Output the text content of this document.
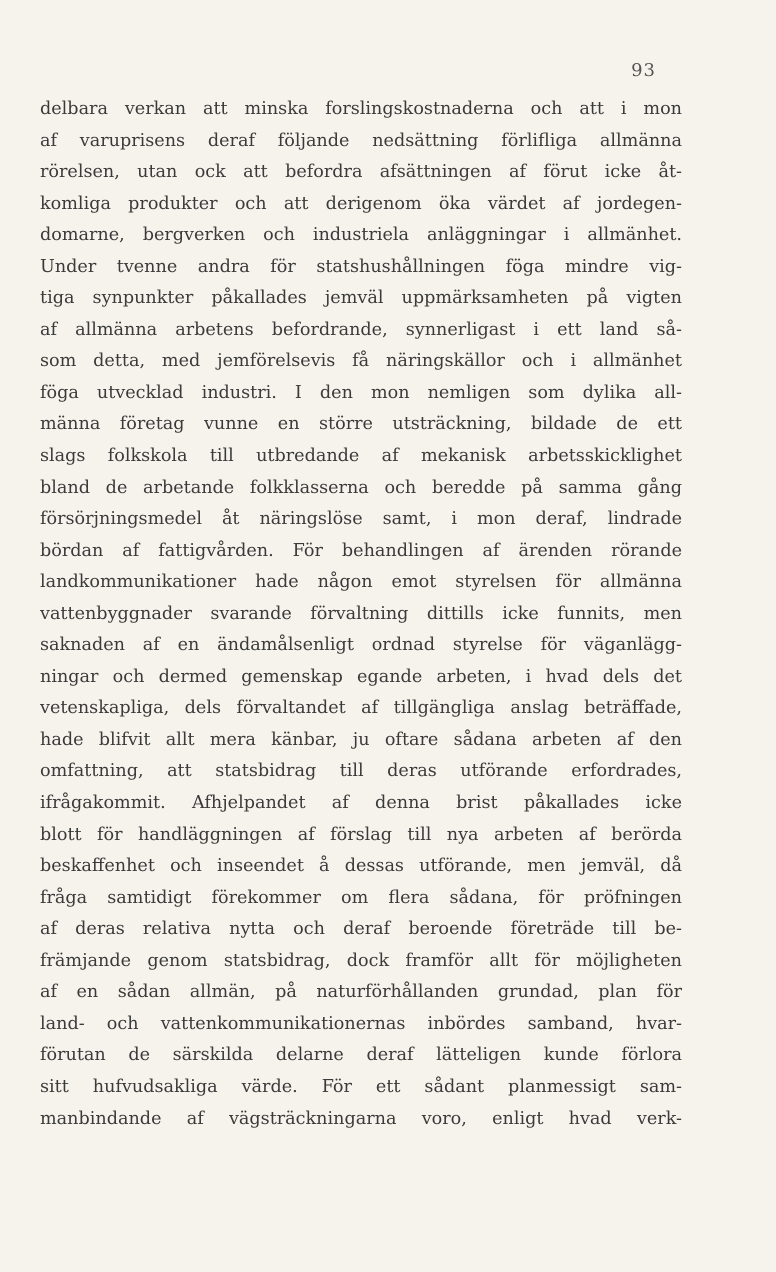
93
delbara verkan att minska forslingskostnaderna och att i mon
af varuprisens deraf följande nedsättning förlifliga allmänna
rörelsen, utan ock att befordra afsättningen af förut icke åt-
komliga produkter och att derigenom öka värdet af jordegen-
domarne, bergverken och industriela anläggningar i allmänhet.
Under tvenne andra för statshushållningen föga mindre vig-
tiga synpunkter påkallades jemväl uppmärksamheten på vigten
af allmänna arbetens befordrande, synnerligast i ett land så-
som detta, med jemförelsevis få näringskällor och i allmänhet
föga utvecklad industri. I den mon nemligen som dylika all-
männa företag vunne en större utsträckning, bildade de ett
slags folkskola till utbredande af mekanisk arbetsskicklighet
bland de arbetande folkklasserna och beredde på samma gång
försörjningsmedel åt näringslöse samt, i mon deraf, lindrade
bördan af fattigvården. För behandlingen af ärenden rörande
landkommunikationer hade någon emot styrelsen för allmänna
vattenbyggnader svarande förvaltning dittills icke funnits, men
saknaden af en ändamålsenligt ordnad styrelse för väganlägg-
ningar och dermed gemenskap egande arbeten, i hvad dels det
vetenskapliga, dels förvaltandet af tillgängliga anslag beträffade,
hade blifvit allt mera känbar, ju oftare sådana arbeten af den
omfattning, att statsbidrag till deras utförande erfordrades,
ifrågakommit. Afhjelpandet af denna brist påkallades icke
blott för handläggningen af förslag till nya arbeten af berörda
beskaffenhet och inseendet å dessas utförande, men jemväl, då
fråga samtidigt förekommer om flera sådana, för pröfningen
af deras relativa nytta och deraf beroende företräde till be-
främjande genom statsbidrag, dock framför allt för möjligheten
af en sådan allmän, på naturförhållanden grundad, plan för
land- och vattenkommunikationernas inbördes samband, hvar-
förutan de särskilda delarne deraf lätteligen kunde förlora
sitt hufvudsakliga värde. För ett sådant planmessigt sam-
manbindande af vägsträckningarna voro, enligt hvad verk-
